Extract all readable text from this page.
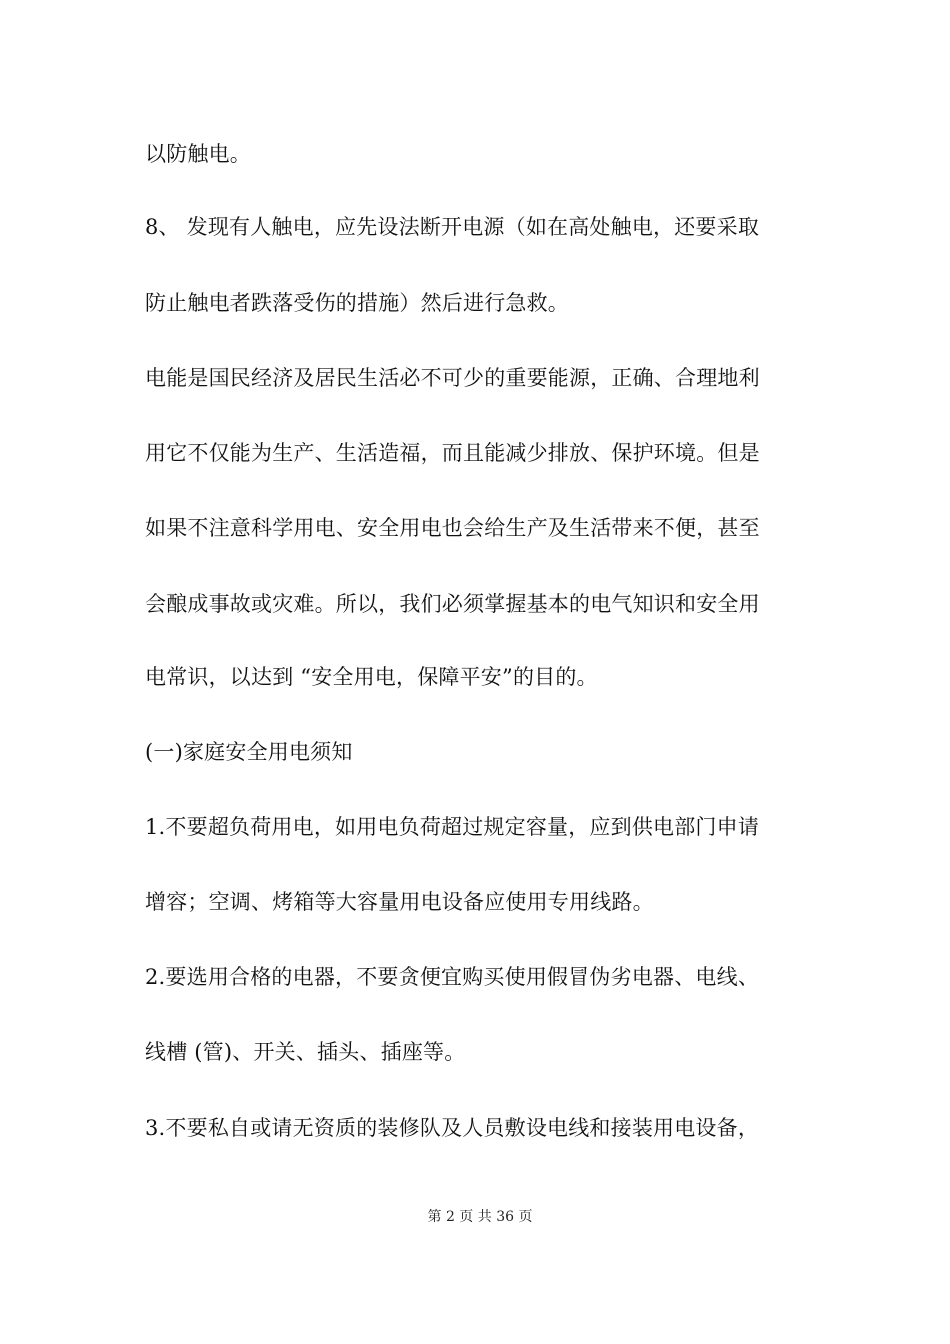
以防触电。
8、 发现有人触电，应先设法断开电源（如在高处触电，还要采取
防止触电者跌落受伤的措施）然后进行急救。
电能是国民经济及居民生活必不可少的重要能源，正确、合理地利
用它不仅能为生产、生活造福，而且能减少排放、保护环境。但是
如果不注意科学用电、安全用电也会给生产及生活带来不便，甚至
会酿成事故或灾难。所以，我们必须掌握基本的电气知识和安全用
电常识，以达到 “安全用电，保障平安”的目的。
(一)家庭安全用电须知
1.不要超负荷用电，如用电负荷超过规定容量，应到供电部门申请
增容；空调、烤箱等大容量用电设备应使用专用线路。
2.要选用合格的电器，不要贪便宜购买使用假冒伪劣电器、电线、
线槽 (管)、开关、插头、插座等。
3.不要私自或请无资质的装修队及人员敷设电线和接装用电设备，
第 2 页 共 36 页
